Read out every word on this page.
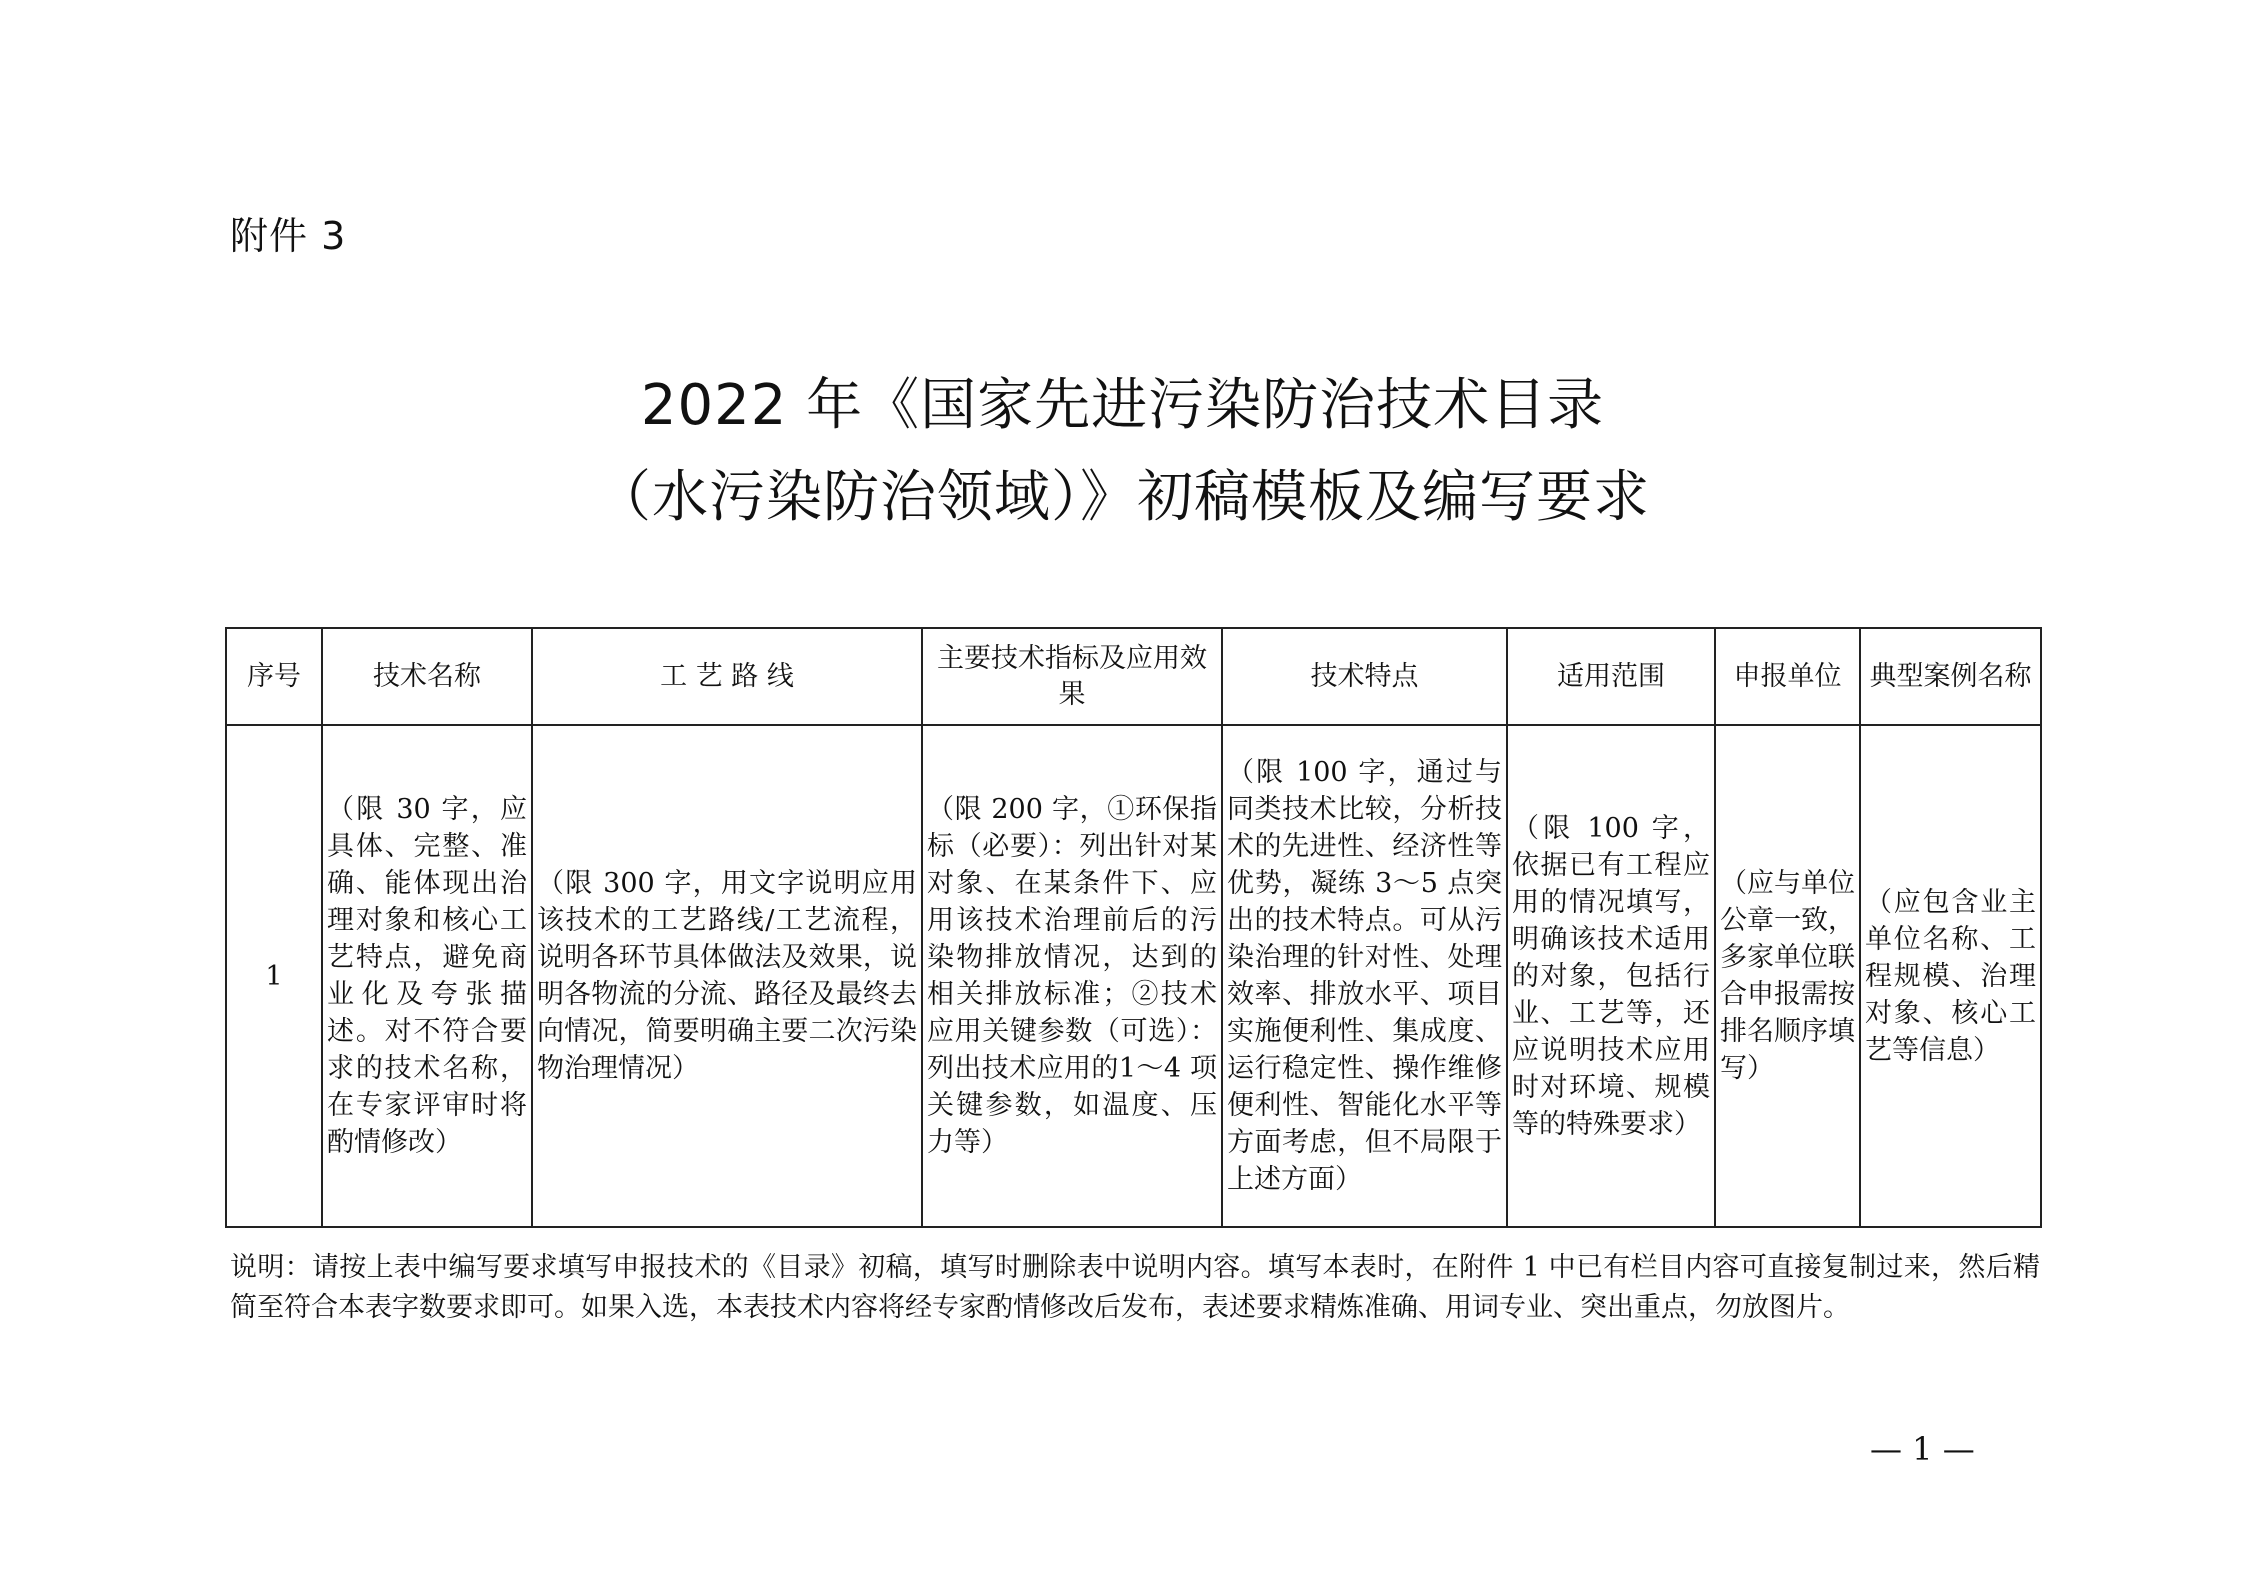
附件 3
2022 年《国家先进污染防治技术目录
（水污染防治领域）》初稿模板及编写要求
序号	技术名称	工 艺 路 线	主要技术指标及应用效果	技术特点	适用范围	申报单位	典型案例名称
1	（限 30 字，应具体、完整、准确、能体现出治理对象和核心工艺特点，避免商业化及夸张描述。对不符合要求的技术名称，在专家评审时将酌情修改）	（限 300 字，用文字说明应用该技术的工艺路线/工艺流程，说明各环节具体做法及效果，说明各物流的分流、路径及最终去向情况，简要明确主要二次污染物治理情况）	（限 200 字，①环保指标（必要）：列出针对某对象、在某条件下、应用该技术治理前后的污染物排放情况，达到的相关排放标准；②技术应用关键参数（可选）：列出技术应用的1～4 项关键参数，如温度、压力等）	（限 100 字，通过与同类技术比较，分析技术的先进性、经济性等优势，凝练 3～5 点突出的技术特点。可从污染治理的针对性、处理效率、排放水平、项目实施便利性、集成度、运行稳定性、操作维修便利性、智能化水平等方面考虑，但不局限于上述方面）	（限 100 字，依据已有工程应用的情况填写，明确该技术适用的对象，包括行业、工艺等，还应说明技术应用时对环境、规模等的特殊要求）	（应与单位公章一致，多家单位联合申报需按排名顺序填写）	（应包含业主单位名称、工程规模、治理对象、核心工艺等信息）
说明：请按上表中编写要求填写申报技术的《目录》初稿，填写时删除表中说明内容。填写本表时，在附件 1 中已有栏目内容可直接复制过来，然后精简至符合本表字数要求即可。如果入选，本表技术内容将经专家酌情修改后发布，表述要求精炼准确、用词专业、突出重点，勿放图片。
— 1 —
